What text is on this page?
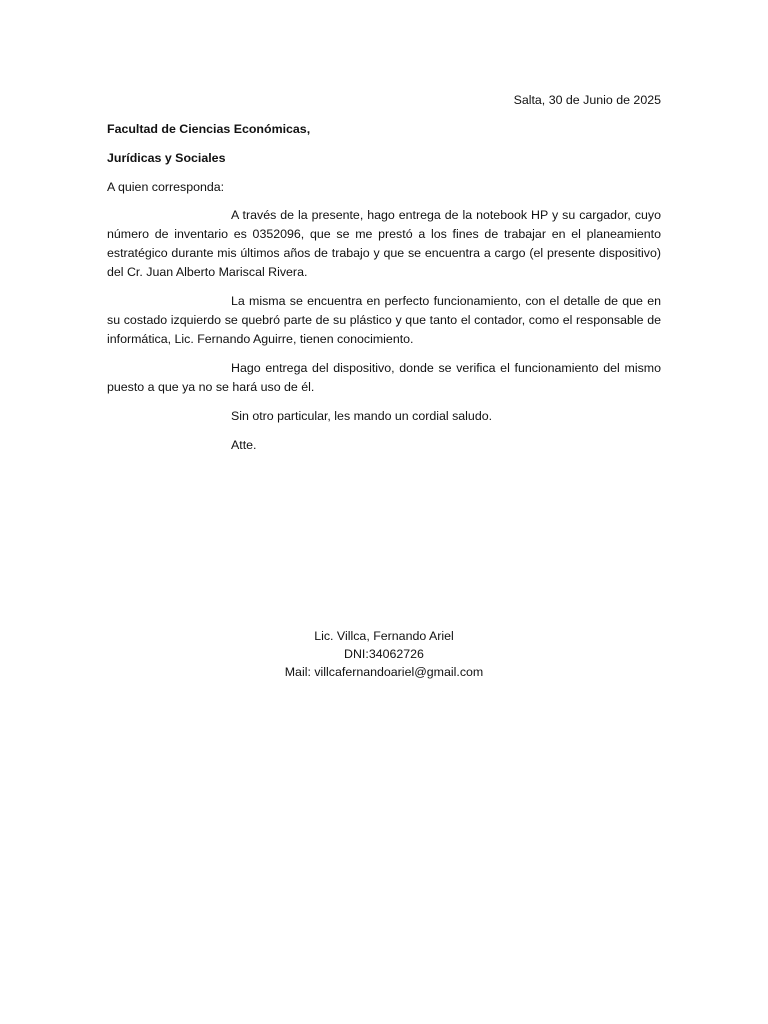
Salta, 30 de Junio de 2025

Facultad de Ciencias Económicas,

Jurídicas y Sociales

A quien corresponda:

A través de la presente, hago entrega de la notebook HP y su cargador, cuyo número de inventario es 0352096, que se me prestó a los fines de trabajar en el planeamiento estratégico durante mis últimos años de trabajo y que se encuentra a cargo (el presente dispositivo) del Cr. Juan Alberto Mariscal Rivera.

La misma se encuentra en perfecto funcionamiento, con el detalle de que en su costado izquierdo se quebró parte de su plástico y que tanto el contador, como el responsable de informática, Lic. Fernando Aguirre, tienen conocimiento.

Hago entrega del dispositivo, donde se verifica el funcionamiento del mismo puesto a que ya no se hará uso de él.

Sin otro particular, les mando un cordial saludo.

Atte.

Lic. Villca, Fernando Ariel
DNI:34062726
Mail: villcafernandoariel@gmail.com
